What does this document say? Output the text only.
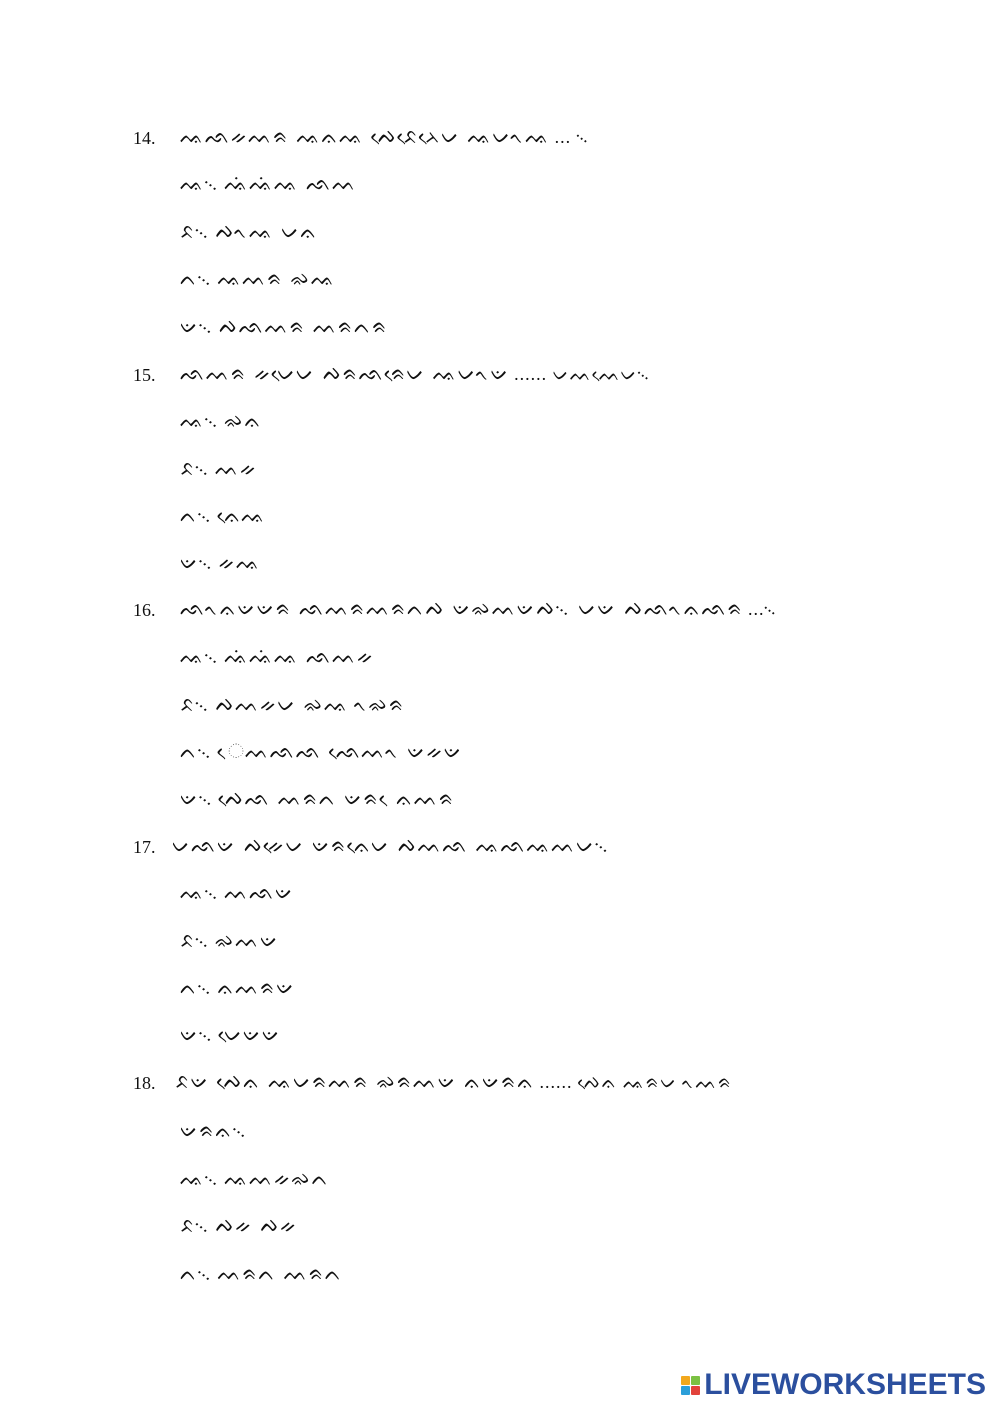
14. ᨕᨒᨀᨓᨑ ᨕᨊᨕ ᨄᨙᨅᨙᨂᨙᨆ ᨕᨆᨚᨕ ... ᨞
ᨕ᨞ ᨕᨗᨕᨗᨕ ᨒᨓ
ᨅ᨞ ᨄᨚᨕ ᨆᨊ
ᨈ᨞ ᨕᨓᨑ ᨋᨕ
ᨉ᨞ ᨄᨒᨓᨑ ᨓᨑᨈᨑ
15. ᨒᨓᨑ ᨀᨆᨙᨆ ᨄᨑᨒᨑᨙᨆ ᨕᨆᨚᨉ ...... ᨆᨓᨓᨙᨆ᨞
ᨕ᨞ ᨋᨊ
ᨅ᨞ ᨓᨀ
ᨈ᨞ ᨊᨙᨕ
ᨉ᨞ ᨀᨕ
16. ᨒᨚᨊᨉᨉᨑ ᨒᨓᨑᨓᨑᨈᨄ ᨉᨋᨓᨉᨄ᨞ ᨆᨉ ᨄᨒᨚᨊᨒᨑ ...᨞
ᨕ᨞ ᨕᨗᨕᨗᨕ ᨒᨓᨀ
ᨅ᨞ ᨄᨓᨀᨆ ᨋᨕ ᨚᨋᨑ
ᨈ᨞ ᨙᨓᨒᨒ ᨒᨙᨓᨚ ᨉᨀᨉ
ᨉ᨞ ᨄᨙᨒ ᨓᨑᨈ ᨉᨑ ᨙᨊᨓᨑ
17. ᨆᨒᨉ ᨄᨀᨙᨆ ᨉᨑᨊᨙᨆ ᨄᨓᨒ ᨕᨒᨕᨓᨆ᨞
ᨕ᨞ ᨓᨒᨉ
ᨅ᨞ ᨋᨓᨉ
ᨈ᨞ ᨊᨓᨑᨉ
ᨉ᨞ ᨆᨙᨉᨉ
18. ᨅᨉ ᨄᨙᨊ ᨕᨆᨑᨓᨑ ᨋᨑᨓᨉ ᨊᨉᨑᨊ ...... ᨄᨙᨊ ᨕᨑᨆ ᨚᨓᨑ
ᨉᨑᨊ᨞
ᨕ᨞ ᨕᨓᨀᨋᨈ
ᨅ᨞ ᨄᨀ ᨄᨀ
ᨈ᨞ ᨓᨑᨈ ᨓᨑᨈ
LIVEWORKSHEETS
